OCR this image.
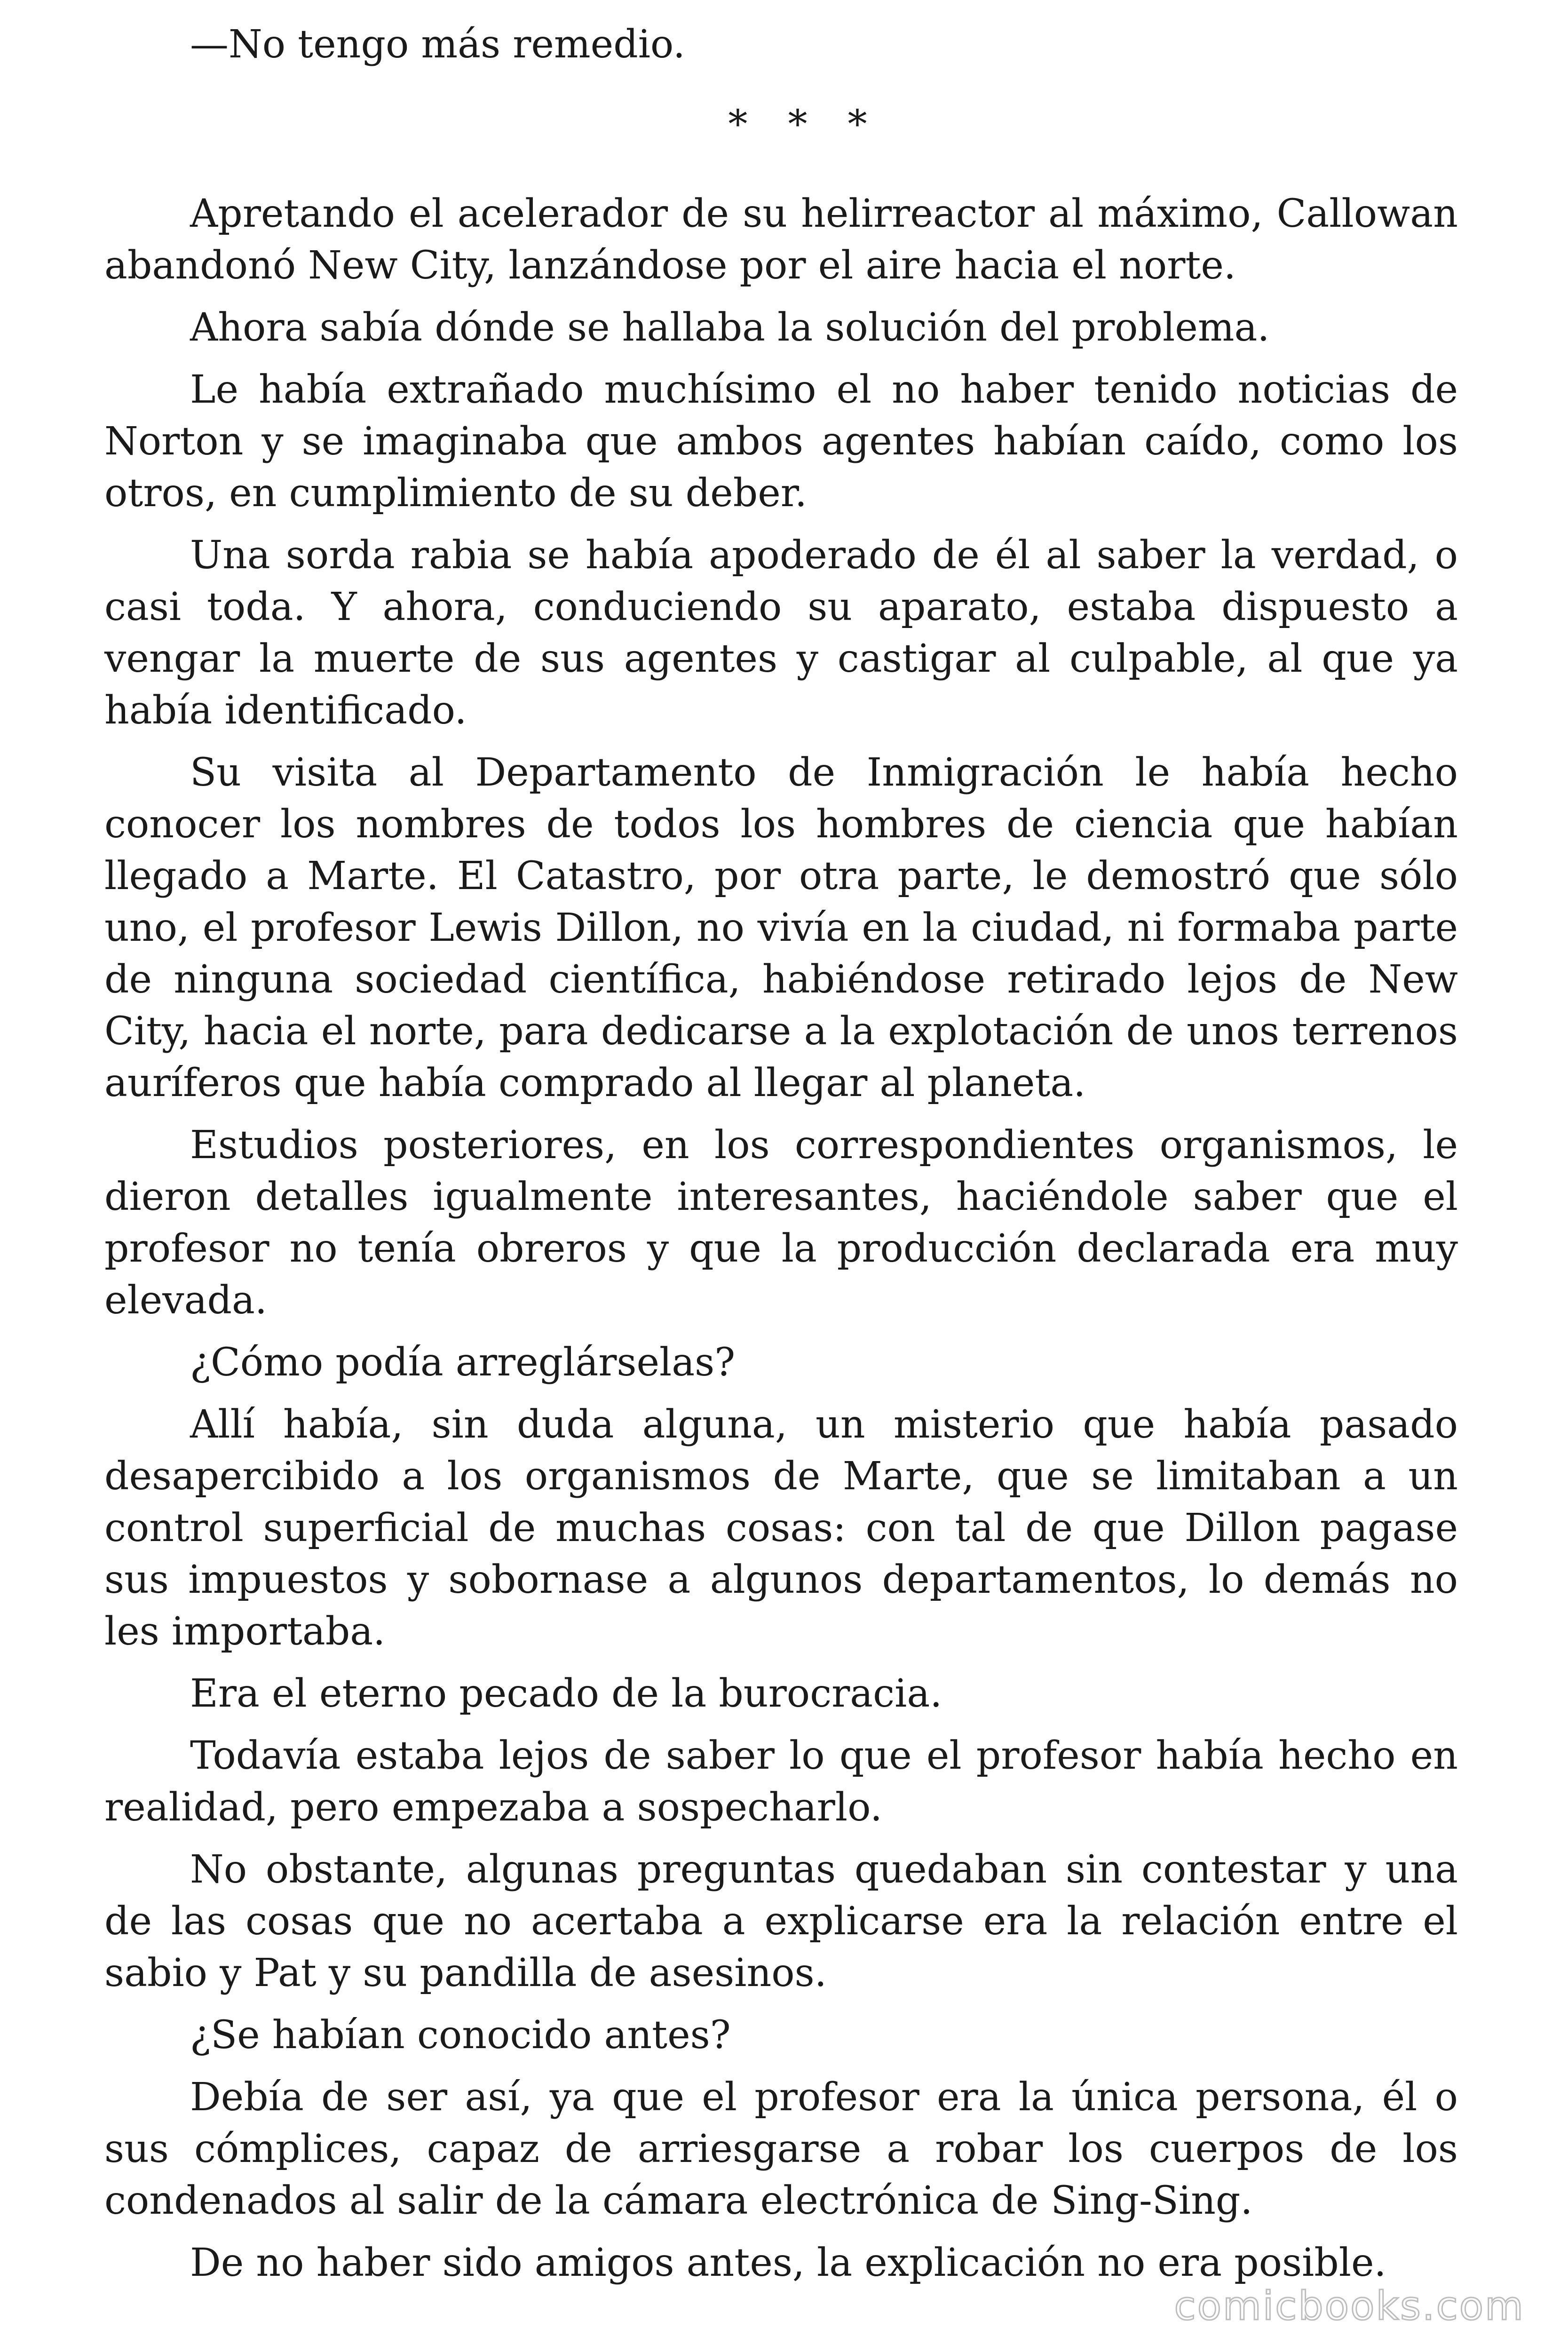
—No tengo más remedio.

* * *

Apretando el acelerador de su helirreactor al máximo, Callowan abandonó New City, lanzándose por el aire hacia el norte.

Ahora sabía dónde se hallaba la solución del problema.

Le había extrañado muchísimo el no haber tenido noticias de Norton y se imaginaba que ambos agentes habían caído, como los otros, en cumplimiento de su deber.

Una sorda rabia se había apoderado de él al saber la verdad, o casi toda. Y ahora, conduciendo su aparato, estaba dispuesto a vengar la muerte de sus agentes y castigar al culpable, al que ya había identificado.

Su visita al Departamento de Inmigración le había hecho conocer los nombres de todos los hombres de ciencia que habían llegado a Marte. El Catastro, por otra parte, le demostró que sólo uno, el profesor Lewis Dillon, no vivía en la ciudad, ni formaba parte de ninguna sociedad científica, habiéndose retirado lejos de New City, hacia el norte, para dedicarse a la explotación de unos terrenos auríferos que había comprado al llegar al planeta.

Estudios posteriores, en los correspondientes organismos, le dieron detalles igualmente interesantes, haciéndole saber que el profesor no tenía obreros y que la producción declarada era muy elevada.

¿Cómo podía arreglárselas?

Allí había, sin duda alguna, un misterio que había pasado desapercibido a los organismos de Marte, que se limitaban a un control superficial de muchas cosas: con tal de que Dillon pagase sus impuestos y sobornase a algunos departamentos, lo demás no les importaba.

Era el eterno pecado de la burocracia.

Todavía estaba lejos de saber lo que el profesor había hecho en realidad, pero empezaba a sospecharlo.

No obstante, algunas preguntas quedaban sin contestar y una de las cosas que no acertaba a explicarse era la relación entre el sabio y Pat y su pandilla de asesinos.

¿Se habían conocido antes?

Debía de ser así, ya que el profesor era la única persona, él o sus cómplices, capaz de arriesgarse a robar los cuerpos de los condenados al salir de la cámara electrónica de Sing-Sing.

De no haber sido amigos antes, la explicación no era posible.

comicbooks.com
